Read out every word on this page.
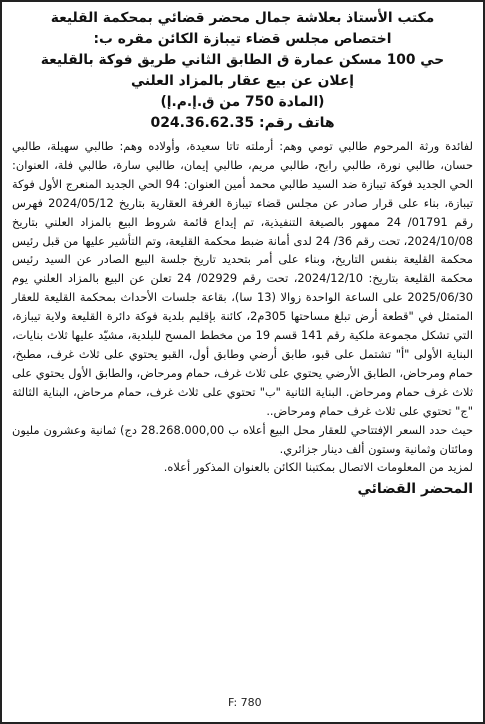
مكتب الأستاذ بعلاشة جمال محضر قضائي بمحكمة القليعة

اختصاص مجلس قضاء تيبازة الكائن مقره ب:

حي 100 مسكن عمارة ق الطابق الثاني طريق فوكة بالقليعة

إعلان عن بيع عقار بالمزاد العلني

(المادة 750 من ق.إ.م.إ)

هاتف رقم: 024.36.62.35

لفائدة ورثة المرحوم طالبي تومي وهم: أرملته تاتا سعيدة، وأولاده وهم: طالبي سهيلة، طالبي حسان، طالبي نورة، طالبي رابح، طالبي مريم، طالبي إيمان، طالبي سارة، طالبي فلة، العنوان: الحي الجديد فوكة تيبازة ضد السيد طالبي محمد أمين العنوان: 94 الحي الجديد المنعرج الأول فوكة تيبازة، بناء على قرار صادر عن مجلس قضاء تيبازة الغرفة العقارية بتاريخ 2024/05/12 فهرس رقم 01791/ 24 ممهور بالصيغة التنفيذية، تم إيداع قائمة شروط البيع بالمزاد العلني بتاريخ 2024/10/08، تحت رقم 36/ 24 لدى أمانة ضبط محكمة القليعة، وتم التأشير عليها من قبل رئيس محكمة القليعة بنفس التاريخ، وبناء على أمر بتحديد تاريخ جلسة البيع الصادر عن السيد رئيس محكمة القليعة بتاريخ: 2024/12/10، تحت رقم 02929/ 24 تعلن عن البيع بالمزاد العلني يوم 2025/06/30 على الساعة الواحدة زوالا (13 سا)، بقاعة جلسات الأحداث بمحكمة القليعة للعقار المتمثل في "قطعة أرض تبلغ مساحتها 305م2، كائنة بإقليم بلدية فوكة دائرة القليعة ولاية تيبازة، التي تشكل مجموعة ملكية رقم 141 قسم 19 من مخطط المسح للبلدية، مشيّد عليها ثلاث بنايات، البناية الأولى "أ" تشتمل على قبو، طابق أرضي وطابق أول، القبو يحتوي على ثلاث غرف، مطبخ، حمام ومرحاض، الطابق الأرضي يحتوي على ثلاث غرف، حمام ومرحاض، والطابق الأول يحتوي على ثلاث غرف حمام ومرحاض. البناية الثانية "ب" تحتوي على ثلاث غرف، حمام مرحاض، البناية الثالثة "ج" تحتوي على ثلاث غرف حمام ومرحاض..

حيث حدد السعر الإفتتاحي للعقار محل البيع أعلاه ب 28.268.000,00 دج) ثمانية وعشرون مليون ومائتان وثمانية وستون ألف دينار جزائري.

لمزيد من المعلومات الاتصال بمكتبنا الكائن بالعنوان المذكور أعلاه.

المحضر القضائي

F: 780
